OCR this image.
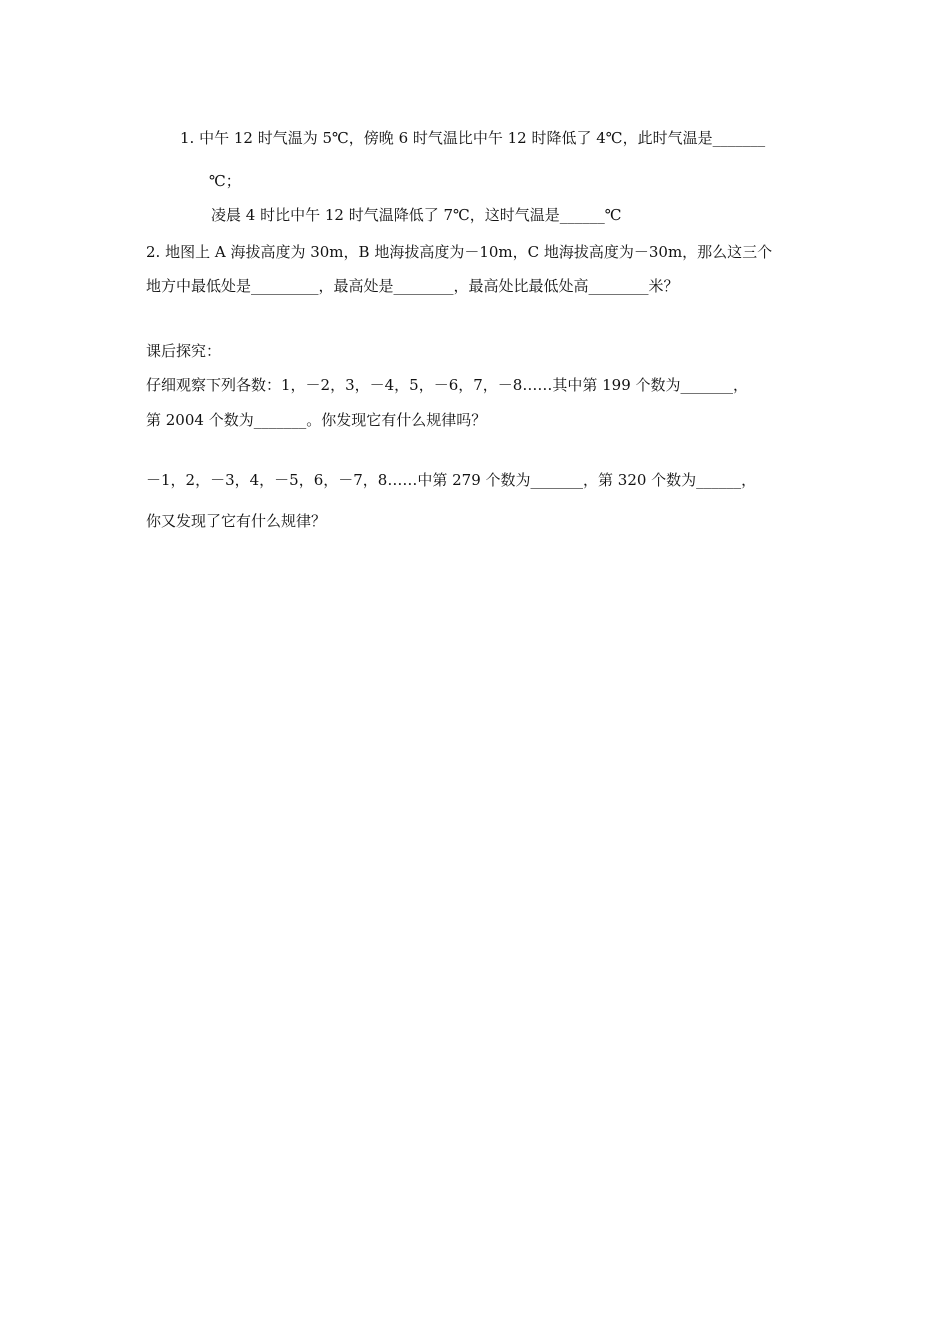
1. 中午 12 时气温为 5℃，傍晚 6 时气温比中午 12 时降低了 4℃，此时气温是_______
℃；
凌晨 4 时比中午 12 时气温降低了 7℃，这时气温是______℃
2. 地图上 A 海拔高度为 30m，B 地海拔高度为－10m，C 地海拔高度为－30m，那么这三个
地方中最低处是_________，最高处是________，最高处比最低处高________米？
课后探究：
仔细观察下列各数：1，－2，3，－4，5，－6，7，－8……其中第 199 个数为_______，
第 2004 个数为_______。你发现它有什么规律吗？
－1，2，－3，4，－5，6，－7，8……中第 279 个数为_______，第 320 个数为______，
你又发现了它有什么规律？
